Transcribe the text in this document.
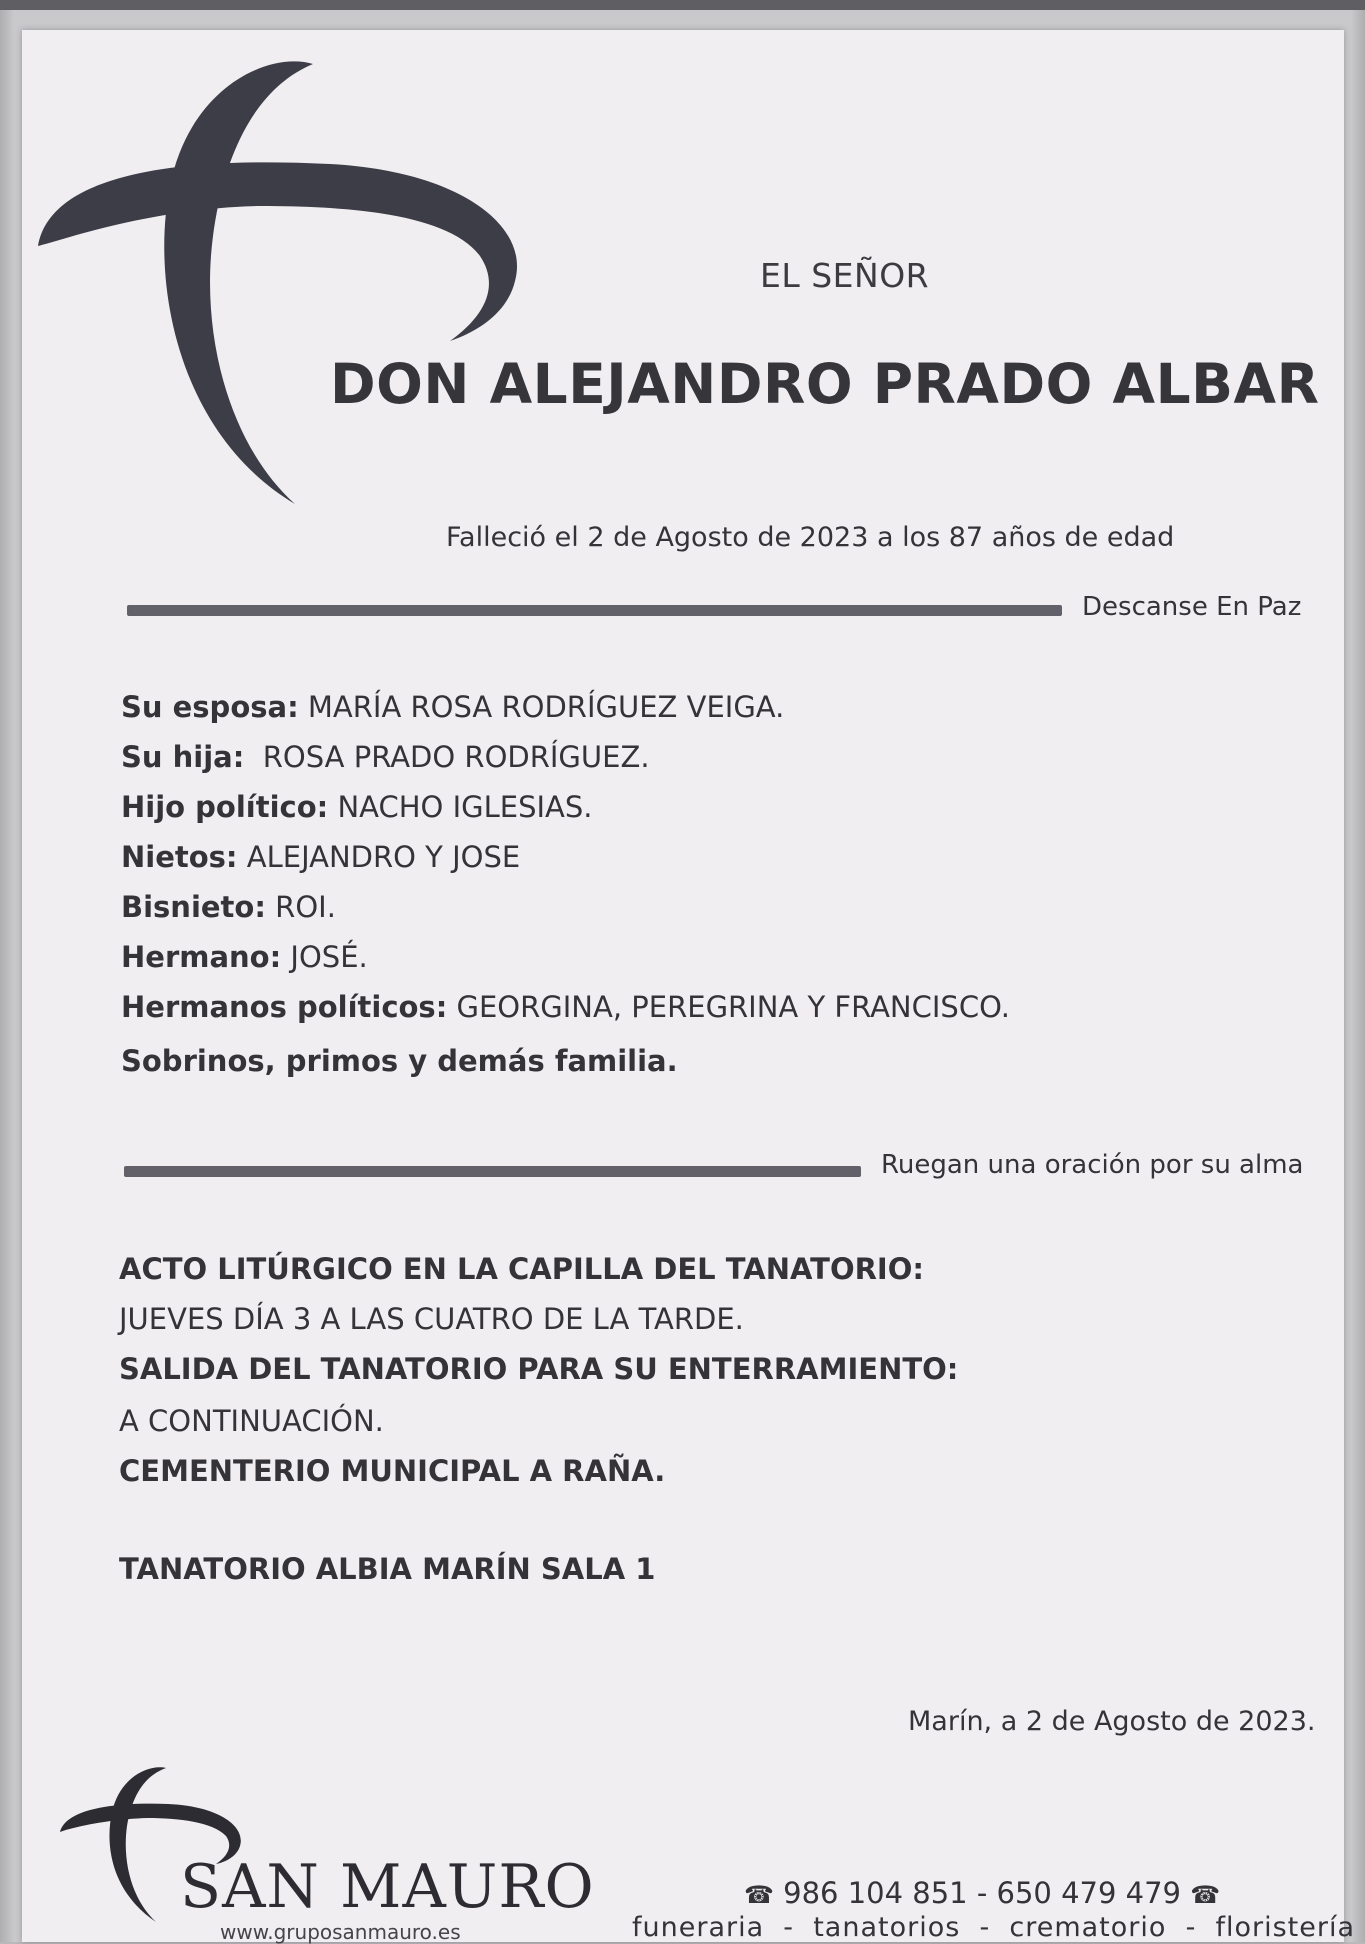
EL SEÑOR
DON ALEJANDRO PRADO ALBAR
Falleció el 2 de Agosto de 2023 a los 87 años de edad
Descanse En Paz
Su esposa: MARÍA ROSA RODRÍGUEZ VEIGA.
Su hija:  ROSA PRADO RODRÍGUEZ.
Hijo político: NACHO IGLESIAS.
Nietos: ALEJANDRO Y JOSE
Bisnieto: ROI.
Hermano: JOSÉ.
Hermanos políticos: GEORGINA, PEREGRINA Y FRANCISCO.
Sobrinos, primos y demás familia.
Ruegan una oración por su alma
ACTO LITÚRGICO EN LA CAPILLA DEL TANATORIO:
JUEVES DÍA 3 A LAS CUATRO DE LA TARDE.
SALIDA DEL TANATORIO PARA SU ENTERRAMIENTO:
A CONTINUACIÓN.
CEMENTERIO MUNICIPAL A RAÑA.
TANATORIO ALBIA MARÍN SALA 1
Marín, a 2 de Agosto de 2023.
SAN MAURO
www.gruposanmauro.es
☎ 986 104 851 - 650 479 479 ☎
funeraria  -  tanatorios  -  crematorio  -  floristería
